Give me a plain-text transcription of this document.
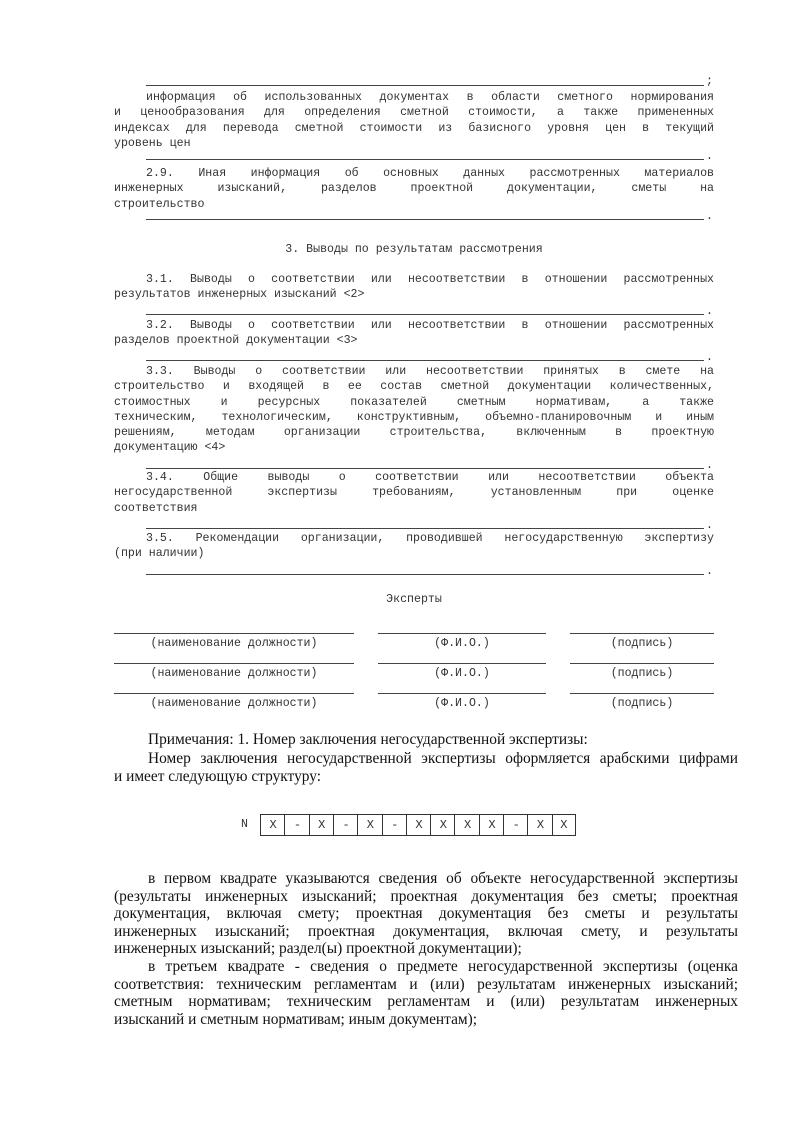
;
информация об использованных документах в области сметного нормирования
и ценообразования для определения сметной стоимости, а также примененных
индексах для перевода сметной стоимости из базисного уровня цен в текущий
уровень цен
.
2.9. Иная информация об основных данных рассмотренных материалов
инженерных изысканий, разделов проектной документации, сметы на
строительство
.
3. Выводы по результатам рассмотрения
3.1. Выводы о соответствии или несоответствии в отношении рассмотренных
результатов инженерных изысканий <2>
.
3.2. Выводы о соответствии или несоответствии в отношении рассмотренных
разделов проектной документации <3>
.
3.3. Выводы о соответствии или несоответствии принятых в смете на
строительство и входящей в ее состав сметной документации количественных,
стоимостных и ресурсных показателей сметным нормативам, а также
техническим, технологическим, конструктивным, объемно-планировочным и иным
решениям, методам организации строительства, включенным в проектную
документацию <4>
.
3.4. Общие выводы о соответствии или несоответствии объекта
негосударственной экспертизы требованиям, установленным при оценке
соответствия
.
3.5. Рекомендации организации, проводившей негосударственную экспертизу
(при наличии)
.
Эксперты
(наименование должности)	(Ф.И.О.)	(подпись)
(наименование должности)	(Ф.И.О.)	(подпись)
(наименование должности)	(Ф.И.О.)	(подпись)
Примечания: 1. Номер заключения негосударственной экспертизы:
Номер заключения негосударственной экспертизы оформляется арабскими цифрами
и имеет следующую структуру:
N	X	-	X	-	X	-	X	X	X	X	-	X	X
в первом квадрате указываются сведения об объекте негосударственной экспертизы
(результаты инженерных изысканий; проектная документация без сметы; проектная
документация, включая смету; проектная документация без сметы и результаты
инженерных изысканий; проектная документация, включая смету, и результаты
инженерных изысканий; раздел(ы) проектной документации);
в третьем квадрате - сведения о предмете негосударственной экспертизы (оценка
соответствия: техническим регламентам и (или) результатам инженерных изысканий;
сметным нормативам; техническим регламентам и (или) результатам инженерных
изысканий и сметным нормативам; иным документам);
